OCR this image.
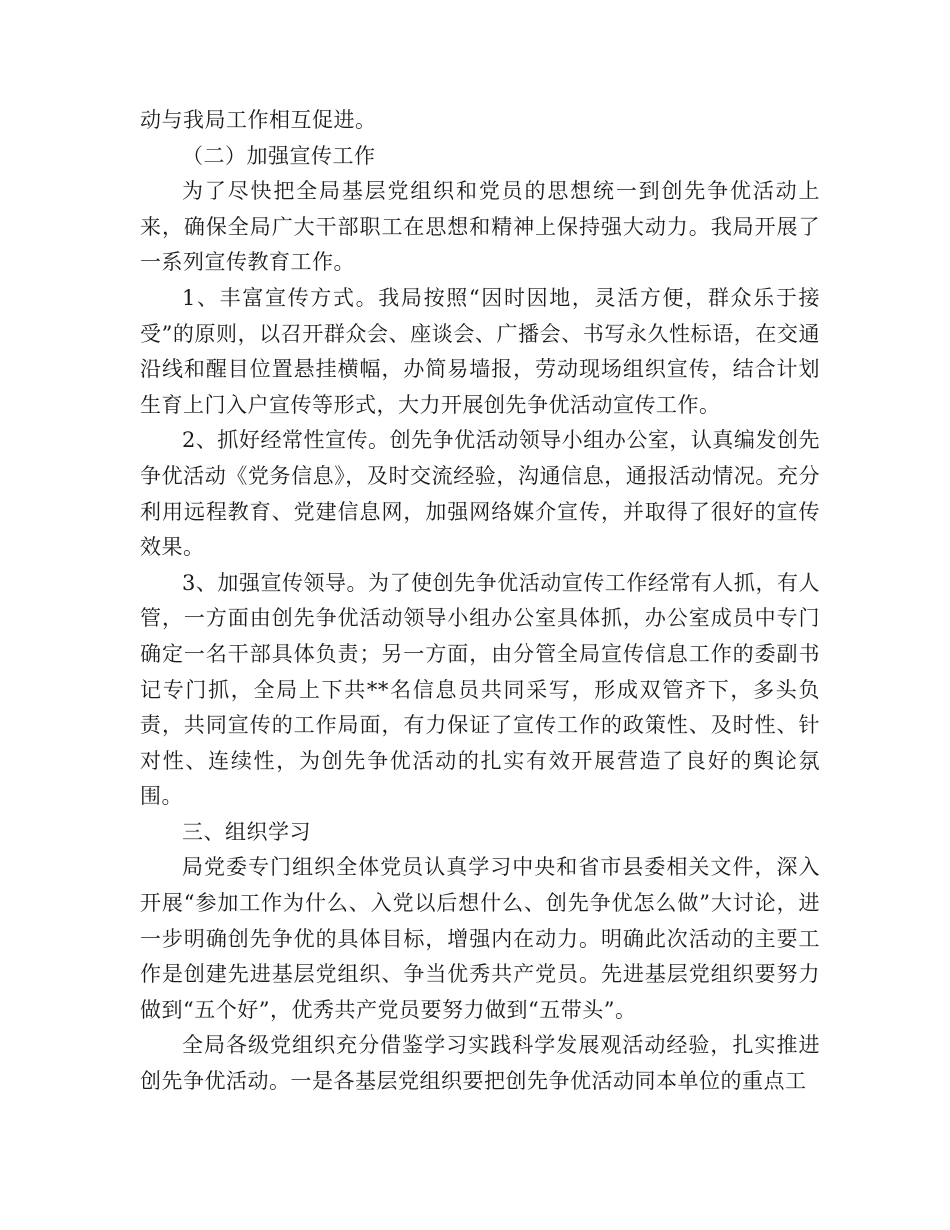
动与我局工作相互促进。

（二）加强宣传工作

为了尽快把全局基层党组织和党员的思想统一到创先争优活动上来，确保全局广大干部职工在思想和精神上保持强大动力。我局开展了一系列宣传教育工作。

1、丰富宣传方式。我局按照“因时因地，灵活方便，群众乐于接受”的原则，以召开群众会、座谈会、广播会、书写永久性标语，在交通沿线和醒目位置悬挂横幅，办简易墙报，劳动现场组织宣传，结合计划生育上门入户宣传等形式，大力开展创先争优活动宣传工作。

2、抓好经常性宣传。创先争优活动领导小组办公室，认真编发创先争优活动《党务信息》，及时交流经验，沟通信息，通报活动情况。充分利用远程教育、党建信息网，加强网络媒介宣传，并取得了很好的宣传效果。

3、加强宣传领导。为了使创先争优活动宣传工作经常有人抓，有人管，一方面由创先争优活动领导小组办公室具体抓，办公室成员中专门确定一名干部具体负责；另一方面，由分管全局宣传信息工作的委副书记专门抓，全局上下共**名信息员共同采写，形成双管齐下，多头负责，共同宣传的工作局面，有力保证了宣传工作的政策性、及时性、针对性、连续性，为创先争优活动的扎实有效开展营造了良好的舆论氛围。

三、组织学习

局党委专门组织全体党员认真学习中央和省市县委相关文件，深入开展“参加工作为什么、入党以后想什么、创先争优怎么做”大讨论，进一步明确创先争优的具体目标，增强内在动力。明确此次活动的主要工作是创建先进基层党组织、争当优秀共产党员。先进基层党组织要努力做到“五个好”，优秀共产党员要努力做到“五带头”。

全局各级党组织充分借鉴学习实践科学发展观活动经验，扎实推进创先争优活动。一是各基层党组织要把创先争优活动同本单位的重点工
